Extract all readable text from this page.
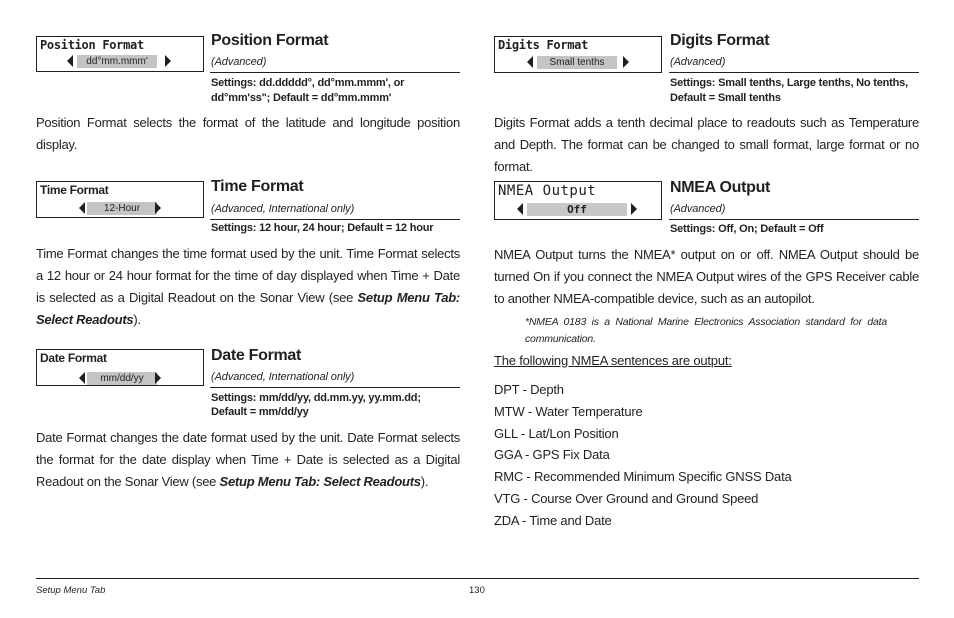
Position Format
dd°mm.mmm'
Position Format
(Advanced)
Settings: dd.ddddd°, dd°mm.mmm', or
dd°mm'ss"; Default = dd°mm.mmm'
Position Format selects the format of the latitude and longitude position display.
Time Format
12-Hour
Time Format
(Advanced, International only)
Settings: 12 hour, 24 hour; Default = 12 hour
Time Format changes the time format used by the unit. Time Format selects a 12 hour or 24 hour format for the time of day displayed when Time + Date is selected as a Digital Readout on the Sonar View (see Setup Menu Tab: Select Readouts).
Date Format
mm/dd/yy
Date Format
(Advanced, International only)
Settings: mm/dd/yy, dd.mm.yy, yy.mm.dd;
Default = mm/dd/yy
Date Format changes the date format used by the unit. Date Format selects the format for the date display when Time + Date is selected as a Digital Readout on the Sonar View (see Setup Menu Tab: Select Readouts).
Digits Format
Small tenths
Digits Format
(Advanced)
Settings: Small tenths, Large tenths, No tenths,
Default = Small tenths
Digits Format adds a tenth decimal place to readouts such as Temperature and Depth. The format can be changed to small format, large format or no format.
NMEA Output
Off
NMEA Output
(Advanced)
Settings: Off, On; Default = Off
NMEA Output turns the NMEA* output on or off. NMEA Output should be turned On if you connect the NMEA Output wires of the GPS Receiver cable to another NMEA-compatible device, such as an autopilot.
*NMEA 0183 is a National Marine Electronics Association standard for data communication.
The following NMEA sentences are output:
DPT - Depth
MTW - Water Temperature
GLL - Lat/Lon Position
GGA - GPS Fix Data
RMC - Recommended Minimum Specific GNSS Data
VTG - Course Over Ground and Ground Speed
ZDA - Time and Date
Setup Menu Tab	130
